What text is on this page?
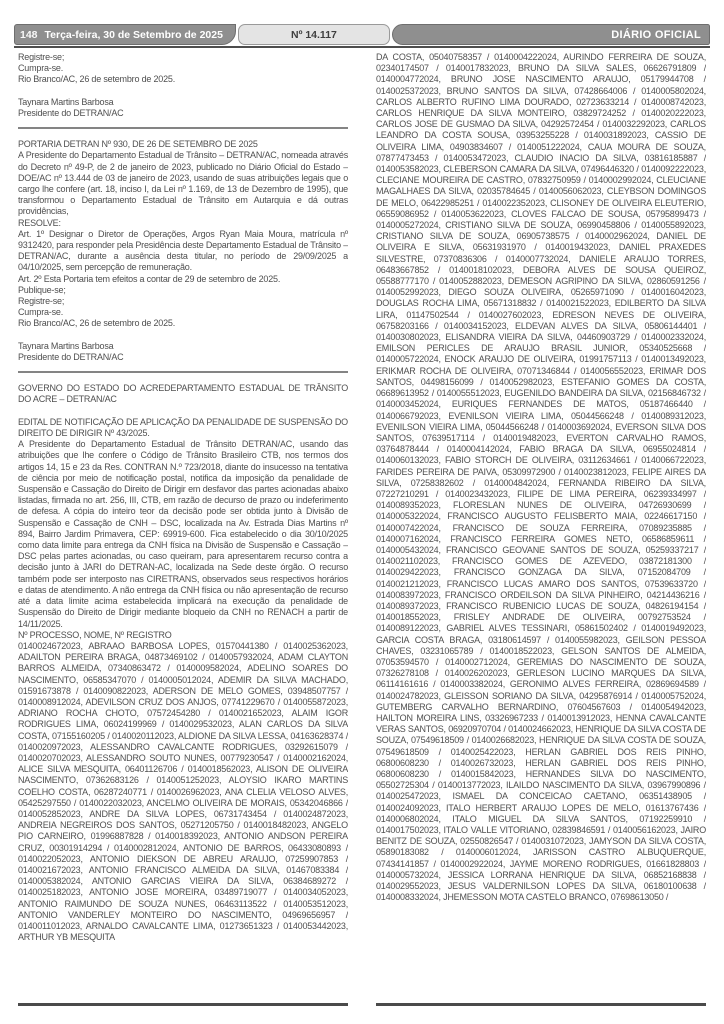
148 Terça-feira, 30 de Setembro de 2025	Nº 14.117	DIÁRIO OFICIAL

Registre-se;

Cumpra-se.

Rio Branco/AC, 26 de setembro de 2025.

Taynara Martins Barbosa

Presidente do DETRAN/AC

PORTARIA DETRAN Nº 930, DE 26 DE SETEMBRO DE 2025

A Presidente do Departamento Estadual de Trânsito – DETRAN/AC, nomeada através do Decreto nº 49-P, de 2 de janeiro de 2023, publicado no Diário Oficial do Estado – DOE/AC nº 13.444 de 03 de janeiro de 2023, usando de suas atribuições legais que o cargo lhe confere (art. 18, inciso I, da Lei nº 1.169, de 13 de Dezembro de 1995), que transformou o Departamento Estadual de Trânsito em Autarquia e dá outras providências,

RESOLVE:

Art. 1º Designar o Diretor de Operações, Argos Ryan Maia Moura, matrícula nº 9312420, para responder pela Presidência deste Departamento Estadual de Trânsito – DETRAN/AC, durante a ausência desta titular, no período de 29/09/2025 a 04/10/2025, sem percepção de remuneração.

Art. 2º Esta Portaria tem efeitos a contar de 29 de setembro de 2025.

Publique-se;

Registre-se;

Cumpra-se.

Rio Branco/AC, 26 de setembro de 2025.

Taynara Martins Barbosa

Presidente do DETRAN/AC

GOVERNO DO ESTADO DO ACREDEPARTAMENTO ESTADUAL DE TRÂNSITO DO ACRE – DETRAN/AC

EDITAL DE NOTIFICAÇÃO DE APLICAÇÃO DA PENALIDADE DE SUSPENSÃO DO DIREITO DE DIRIGIR Nº 43/2025.

A Presidente do Departamento Estadual de Trânsito DETRAN/AC, usando das atribuições que lhe confere o Código de Trânsito Brasileiro CTB, nos termos dos artigos 14, 15 e 23 da Res. CONTRAN N.º 723/2018, diante do insucesso na tentativa de ciência por meio de notificação postal, notifica da imposição da penalidade de Suspensão e Cassação do Direito de Dirigir em desfavor das partes acionadas abaixo listadas, firmada no art. 256, III, CTB, em razão de decurso de prazo ou indeferimento de defesa. A cópia do inteiro teor da decisão pode ser obtida junto à Divisão de Suspensão e Cassação de CNH – DSC, localizada na Av. Estrada Dias Martins nº 894, Bairro Jardim Primavera, CEP: 69919-600. Fica estabelecido o dia 30/10/2025 como data limite para entrega da CNH física na Divisão de Suspensão e Cassação – DSC pelas partes acionadas, ou caso queiram, para apresentarem recurso contra a decisão junto à JARI do DETRAN-AC, localizada na Sede deste órgão. O recurso também pode ser interposto nas CIRETRANS, observados seus respectivos horários e datas de atendimento. A não entrega da CNH física ou não apresentação de recurso até a data limite acima estabelecida implicará na execução da penalidade de Suspensão do Direito de Dirigir mediante bloqueio da CNH no RENACH a partir de 14/11/2025.

Nº PROCESSO, NOME, Nº REGISTRO

0140024672023, ABRAAO BARBOSA LOPES, 01570441380 / 0140025362023, ADAILTON PEREIRA BRAGA, 04873469102 / 0140057932024, ADAM CLAYTON BARROS ALMEIDA, 07340863472 / 0140009582024, ADELINO SOARES DO NASCIMENTO, 06585347070 / 0140005012024, ADEMIR DA SILVA MACHADO, 01591673878 / 0140090822023, ADERSON DE MELO GOMES, 03948507757 / 0140008912024, ADEVILSON CRUZ DOS ANJOS, 07741229670 / 0140055872023, ADRIANO ROCHA CHOTO, 07572454280 / 0140021652023, ALAIM IGOR RODRIGUES LIMA, 06024199969 / 0140029532023, ALAN CARLOS DA SILVA COSTA, 07155160205 / 0140020112023, ALDIONE DA SILVA LESSA, 04163628374 / 0140020972023, ALESSANDRO CAVALCANTE RODRIGUES, 03292615079 / 0140020702023, ALESSANDRO SOUTO NUNES, 00779230547 / 0140002162024, ALICE SILVA MESQUITA, 06401126706 / 0140018562023, ALISON DE OLIVEIRA NASCIMENTO, 07362683126 / 0140051252023, ALOYSIO IKARO MARTINS COELHO COSTA, 06287240771 / 0140026962023, ANA CLELIA VELOSO ALVES, 05425297550 / 0140022032023, ANCELMO OLIVEIRA DE MORAIS, 05342046866 / 0140052852023, ANDRE DA SILVA LOPES, 06731743454 / 0140024872023, ANDREIA NEGREIROS DOS SANTOS, 05271205750 / 0140018482023, ANGELO PIO CARNEIRO, 01996887828 / 0140018392023, ANTONIO ANDSON PEREIRA CRUZ, 00301914294 / 0140002812024, ANTONIO DE BARROS, 06433080893 / 0140022052023, ANTONIO DIEKSON DE ABREU ARAUJO, 07259907853 / 0140021672023, ANTONIO FRANCISCO ALMEIDA DA SILVA, 01467083384 / 0140005382024, ANTONIO GARCIAS VIEIRA DA SILVA, 06384689272 / 0140025182023, ANTONIO JOSE MOREIRA, 03489719077 / 0140034052023, ANTONIO RAIMUNDO DE SOUZA NUNES, 06463113522 / 0140053512023, ANTONIO VANDERLEY MONTEIRO DO NASCIMENTO, 04969656957 / 0140011012023, ARNALDO CAVALCANTE LIMA, 01273651323 / 0140053442023, ARTHUR YB MESQUITA

DA COSTA, 05040758357 / 0140004222024, AURINDO FERREIRA DE SOUZA, 02340174507 / 0140017832023, BRUNO DA SILVA SALES, 06626791809 / 0140004772024, BRUNO JOSE NASCIMENTO ARAUJO, 05179944708 / 0140025372023, BRUNO SANTOS DA SILVA, 07428664006 / 0140005802024, CARLOS ALBERTO RUFINO LIMA DOURADO, 02723633214 / 0140008742023, CARLOS HENRIQUE DA SILVA MONTEIRO, 03829724252 / 0140020222023, CARLOS JOSE DE GUSMAO DA SILVA, 04292572454 / 0140032292023, CARLOS LEANDRO DA COSTA SOUSA, 03953255228 / 0140031892023, CASSIO DE OLIVEIRA LIMA, 04903834607 / 0140051222024, CAUA MOURA DE SOUZA, 07877473453 / 0140053472023, CLAUDIO INACIO DA SILVA, 03816185887 / 0140053582023, CLEBERSON CAMARA DA SILVA, 07496446320 / 0140092222023, CLECIANE MOUREIRA DE CASTRO, 07832750959 / 0140002992024, CLEUCIANE MAGALHAES DA SILVA, 02035784645 / 0140056062023, CLEYBSON DOMINGOS DE MELO, 06422985251 / 0140022352023, CLISONEY DE OLIVEIRA ELEUTERIO, 06559086952 / 0140053622023, CLOVES FALCAO DE SOUSA, 05795899473 / 0140005272024, CRISTIANO SILVA DE SOUZA, 06990458806 / 0140055892023, CRISTIANO SILVA DE SOUZA, 06905738575 / 0140002962024, DANIEL DE OLIVEIRA E SILVA, 05631931970 / 0140019432023, DANIEL PRAXEDES SILVESTRE, 07370836306 / 0140007732024, DANIELE ARAUJO TORRES, 06483667852 / 0140018102023, DEBORA ALVES DE SOUSA QUEIROZ, 05588777170 / 0140052882023, DEMESON AGRIPINO DA SILVA, 02860591256 / 0140052992023, DIEGO SOUZA OLIVEIRA, 05265971090 / 0140016042023, DOUGLAS ROCHA LIMA, 05671318832 / 0140021522023, EDILBERTO DA SILVA LIRA, 01147502544 / 0140027602023, EDRESON NEVES DE OLIVEIRA, 06758203166 / 0140034152023, ELDEVAN ALVES DA SILVA, 05806144401 / 0140030802023, ELISANDRA VIEIRA DA SILVA, 04460903729 / 0140002332024, EMILSON PERICLES DE ARAUJO BRASIL JUNIOR, 05340525668 / 0140005722024, ENOCK ARAUJO DE OLIVEIRA, 01991757113 / 0140013492023, ERIKMAR ROCHA DE OLIVEIRA, 07071346844 / 0140056552023, ERIMAR DOS SANTOS, 04498156099 / 0140052982023, ESTEFANIO GOMES DA COSTA, 06689613952 / 0140055512023, EUGENILDO BANDEIRA DA SILVA, 02156846732 / 0140003452024, EURIQUES FERNANDES DE MATOS, 05187466440 / 0140066792023, EVENILSON VIEIRA LIMA, 05044566248 / 0140089312023, EVENILSON VIEIRA LIMA, 05044566248 / 0140003692024, EVERSON SILVA DOS SANTOS, 07639517114 / 0140019482023, EVERTON CARVALHO RAMOS, 03764878444 / 0140004142024, FABIO BRAGA DA SILVA, 06955024814 / 0140060132023, FABIO STORCH DE OLIVEIRA, 03112634661 / 0140066722023, FARIDES PEREIRA DE PAIVA, 05309972900 / 0140023812023, FELIPE AIRES DA SILVA, 07258382602 / 0140004842024, FERNANDA RIBEIRO DA SILVA, 07227210291 / 0140023432023, FILIPE DE LIMA PEREIRA, 06239334997 / 0140089352023, FLORESLAN NUNES DE OLIVEIRA, 04726930699 / 0140005322024, FRANCISCO AUGUSTO FELISBERTO MAIA, 02246617150 / 0140007422024, FRANCISCO DE SOUZA FERREIRA, 07089235885 / 0140007162024, FRANCISCO FERREIRA GOMES NETO, 06586859611 / 0140005432024, FRANCISCO GEOVANE SANTOS DE SOUZA, 05259337217 / 0140021102023, FRANCISCO GOMES DE AZEVEDO, 03872181300 / 0140029422023, FRANCISCO GONZAGA DA SILVA, 07152084709 / 0140021212023, FRANCISCO LUCAS AMARO DOS SANTOS, 07539633720 / 0140083972023, FRANCISCO ORDEILSON DA SILVA PINHEIRO, 04214436216 / 0140089372023, FRANCISCO RUBENICIO LUCAS DE SOUZA, 04826194154 / 0140018552023, FRISLEY ANDRADE DE OLIVEIRA, 00792753524 / 0140089122023, GABRIEL ALVES TESSINARI, 05861502402 / 0140019492023, GARCIA COSTA BRAGA, 03180614597 / 0140055982023, GEILSON PESSOA CHAVES, 03231065789 / 0140018522023, GELSON SANTOS DE ALMEIDA, 07053594570 / 0140002712024, GEREMIAS DO NASCIMENTO DE SOUZA, 07326278108 / 0140026202023, GERLESON LUCINO MARQUES DA SILVA, 06114161616 / 0140003382024, GERONIMO ALVES FERREIRA, 02869694589 / 0140024782023, GLEISSON SORIANO DA SILVA, 04295876914 / 0140005752024, GUTEMBERG CARVALHO BERNARDINO, 07604567603 / 0140054942023, HAILTON MOREIRA LINS, 03326967233 / 0140013912023, HENNA CAVALCANTE VERAS SANTOS, 06920970704 / 0140024662023, HENRIQUE DA SILVA COSTA DE SOUZA, 07549618509 / 0140026682023, HENRIQUE DA SILVA COSTA DE SOUZA, 07549618509 / 0140025422023, HERLAN GABRIEL DOS REIS PINHO, 06800608230 / 0140026732023, HERLAN GABRIEL DOS REIS PINHO, 06800608230 / 0140015842023, HERNANDES SILVA DO NASCIMENTO, 05502725304 / 0140013772023, ILAILDO NASCIMENTO DA SILVA, 03967990896 / 0140025472023, ISMAEL DA CONCEICAO CAETANO, 06351438905 / 0140024092023, ITALO HERBERT ARAUJO LOPES DE MELO, 01613767436 / 0140006802024, ITALO MIGUEL DA SILVA SANTOS, 07192259910 / 0140017502023, ITALO VALLE VITORIANO, 02839846591 / 0140056162023, JAIRO BENITZ DE SOUZA, 02550826547 / 0140031072023, JAMYSON DA SILVA COSTA, 05890183082 / 0140006012024, JARISSON CASTRO ALBUQUERQUE, 07434141857 / 0140002922024, JAYME MORENO RODRIGUES, 01661828803 / 0140005732024, JESSICA LORRANA HENRIQUE DA SILVA, 06852168838 / 0140029552023, JESUS VALDERNILSON LOPES DA SILVA, 06180100638 / 0140008332024, JHEMESSON MOTA CASTELO BRANCO, 07698613050 /
